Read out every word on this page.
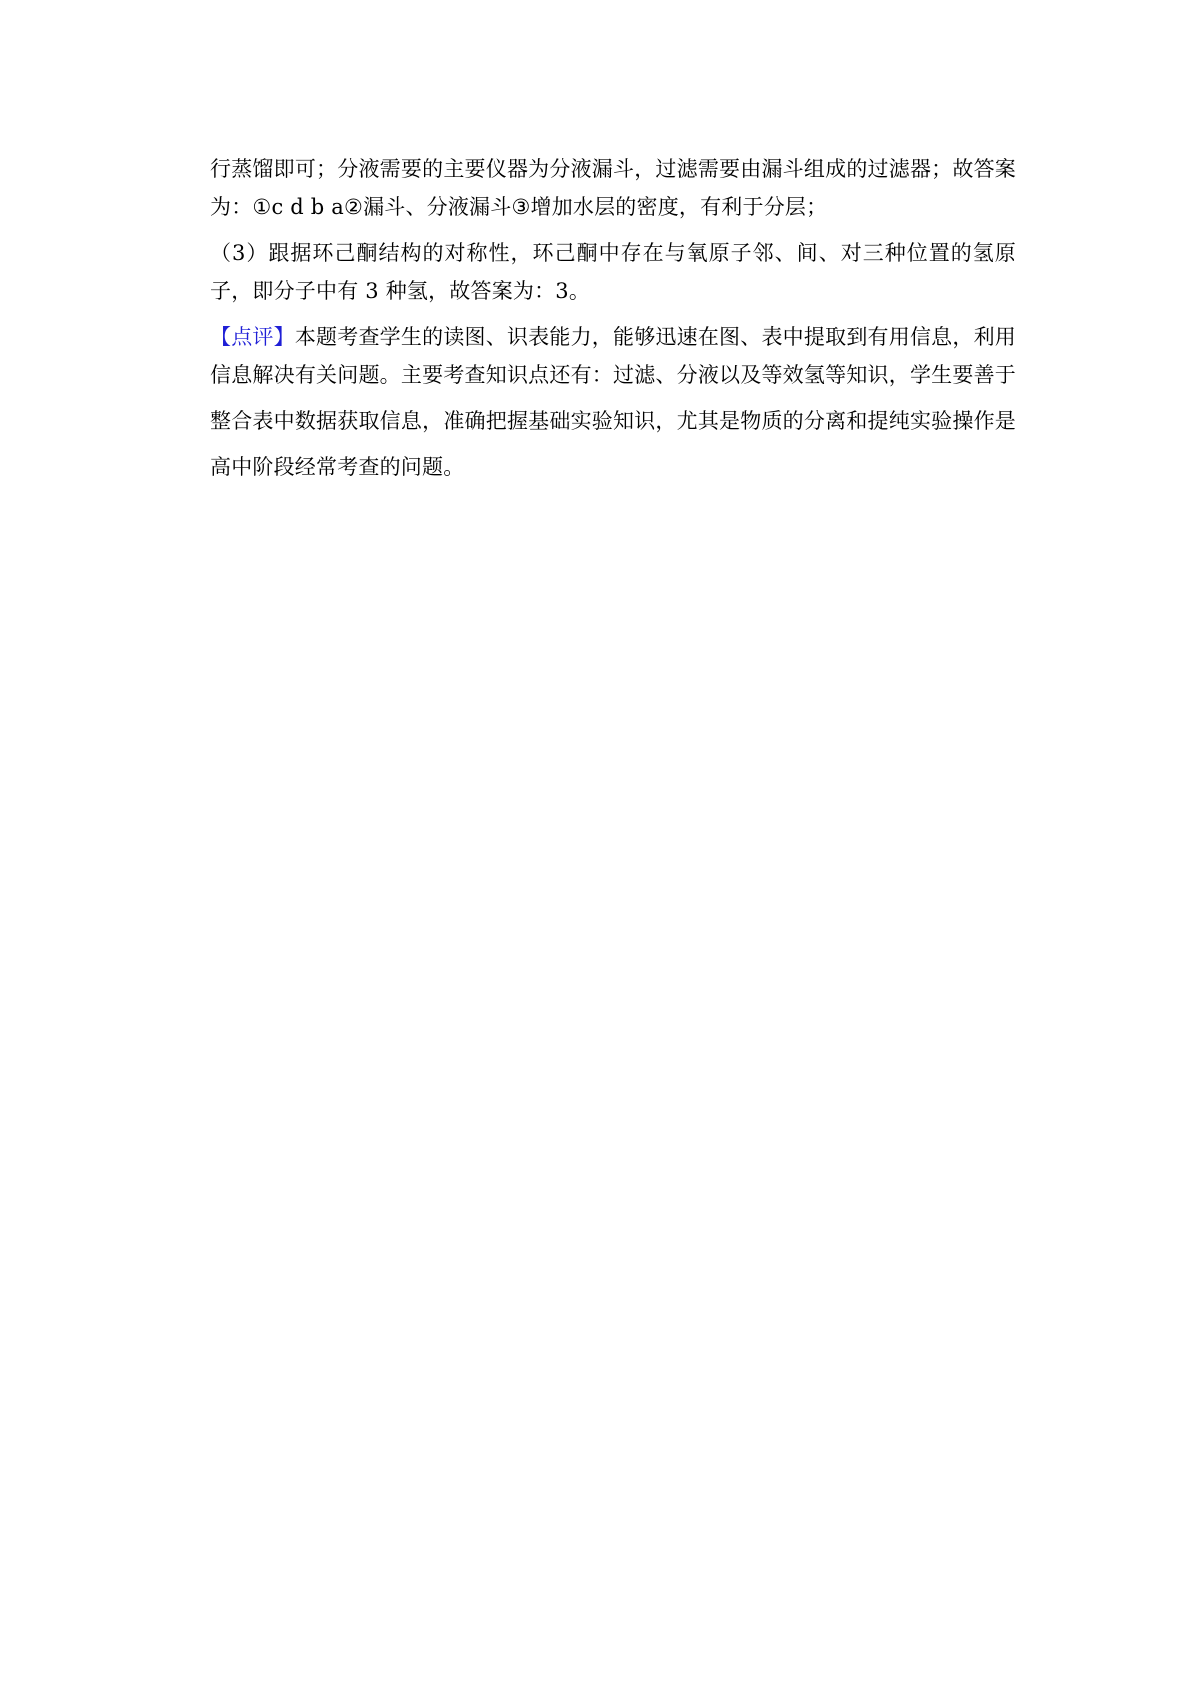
行蒸馏即可；分液需要的主要仪器为分液漏斗，过滤需要由漏斗组成的过滤器；故答案
为：①c d b a②漏斗、分液漏斗③增加水层的密度，有利于分层；
（3）跟据环己酮结构的对称性，环己酮中存在与氧原子邻、间、对三种位置的氢原
子，即分子中有 3 种氢，故答案为：3。
【点评】本题考查学生的读图、识表能力，能够迅速在图、表中提取到有用信息，利用
信息解决有关问题。主要考查知识点还有：过滤、分液以及等效氢等知识，学生要善于
整合表中数据获取信息，准确把握基础实验知识，尤其是物质的分离和提纯实验操作是
高中阶段经常考查的问题。
